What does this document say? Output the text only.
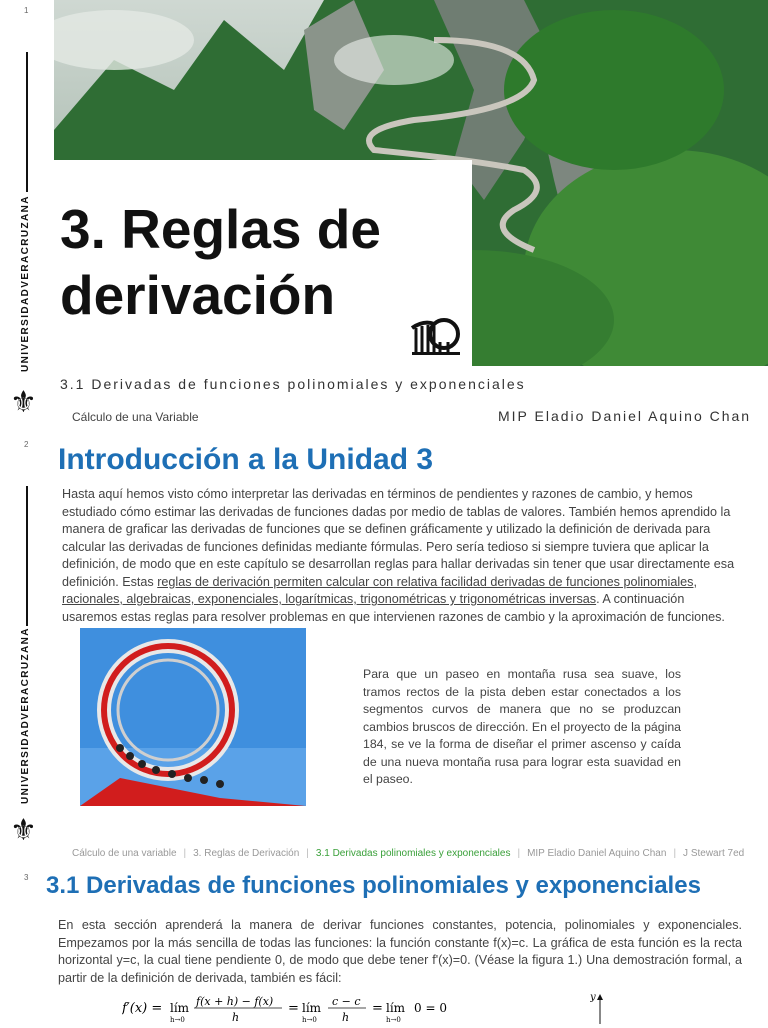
1
UNIVERSIDADVERACRUZANA
⚜
3. Reglas de
derivación
3.1 Derivadas de funciones polinomiales y exponenciales
Cálculo de una Variable	MIP Eladio Daniel Aquino Chan
2
UNIVERSIDADVERACRUZANA
⚜
Introducción a la Unidad 3
Hasta aquí hemos visto cómo interpretar las derivadas en términos de pendientes y razones de cambio, y hemos estudiado cómo estimar las derivadas de funciones dadas por medio de tablas de valores. También hemos aprendido la manera de graficar las derivadas de funciones que se definen gráficamente y utilizado la definición de derivada para calcular las derivadas de funciones definidas mediante fórmulas. Pero sería tedioso si siempre tuviera que aplicar la definición, de modo que en este capítulo se desarrollan reglas para hallar derivadas sin tener que usar directamente esa definición. Estas reglas de derivación permiten calcular con relativa facilidad derivadas de funciones polinomiales, racionales, algebraicas, exponenciales, logarítmicas, trigonométricas y trigonométricas inversas. A continuación usaremos estas reglas para resolver problemas en que intervienen razones de cambio y la aproximación de funciones.
Para que un paseo en montaña rusa sea suave, los tramos rectos de la pista deben estar conectados a los segmentos curvos de manera que no se produzcan cambios bruscos de dirección. En el proyecto de la página 184, se ve la forma de diseñar el primer ascenso y caída de una nueva montaña rusa para lograr esta suavidad en el paseo.
Cálculo de una variable | 3. Reglas de Derivación | 3.1 Derivadas polinomiales y exponenciales | MIP Eladio Daniel Aquino Chan | J Stewart 7ed
3 3.1 Derivadas de funciones polinomiales y exponenciales
En esta sección aprenderá la manera de derivar funciones constantes, potencia, polinomiales y exponenciales. Empezamos por la más sencilla de todas las funciones: la función constante f(x)=c. La gráfica de esta función es la recta horizontal y=c, la cual tiene pendiente 0, de modo que debe tener f'(x)=0. (Véase la figura 1.) Una demostración formal, a partir de la definición de derivada, también es fácil:
f′(x) = lím
h→0
f(x + h) − f(x)
h
= lím
h→0
c − c
h
= lím
h→0
0 = 0
y
